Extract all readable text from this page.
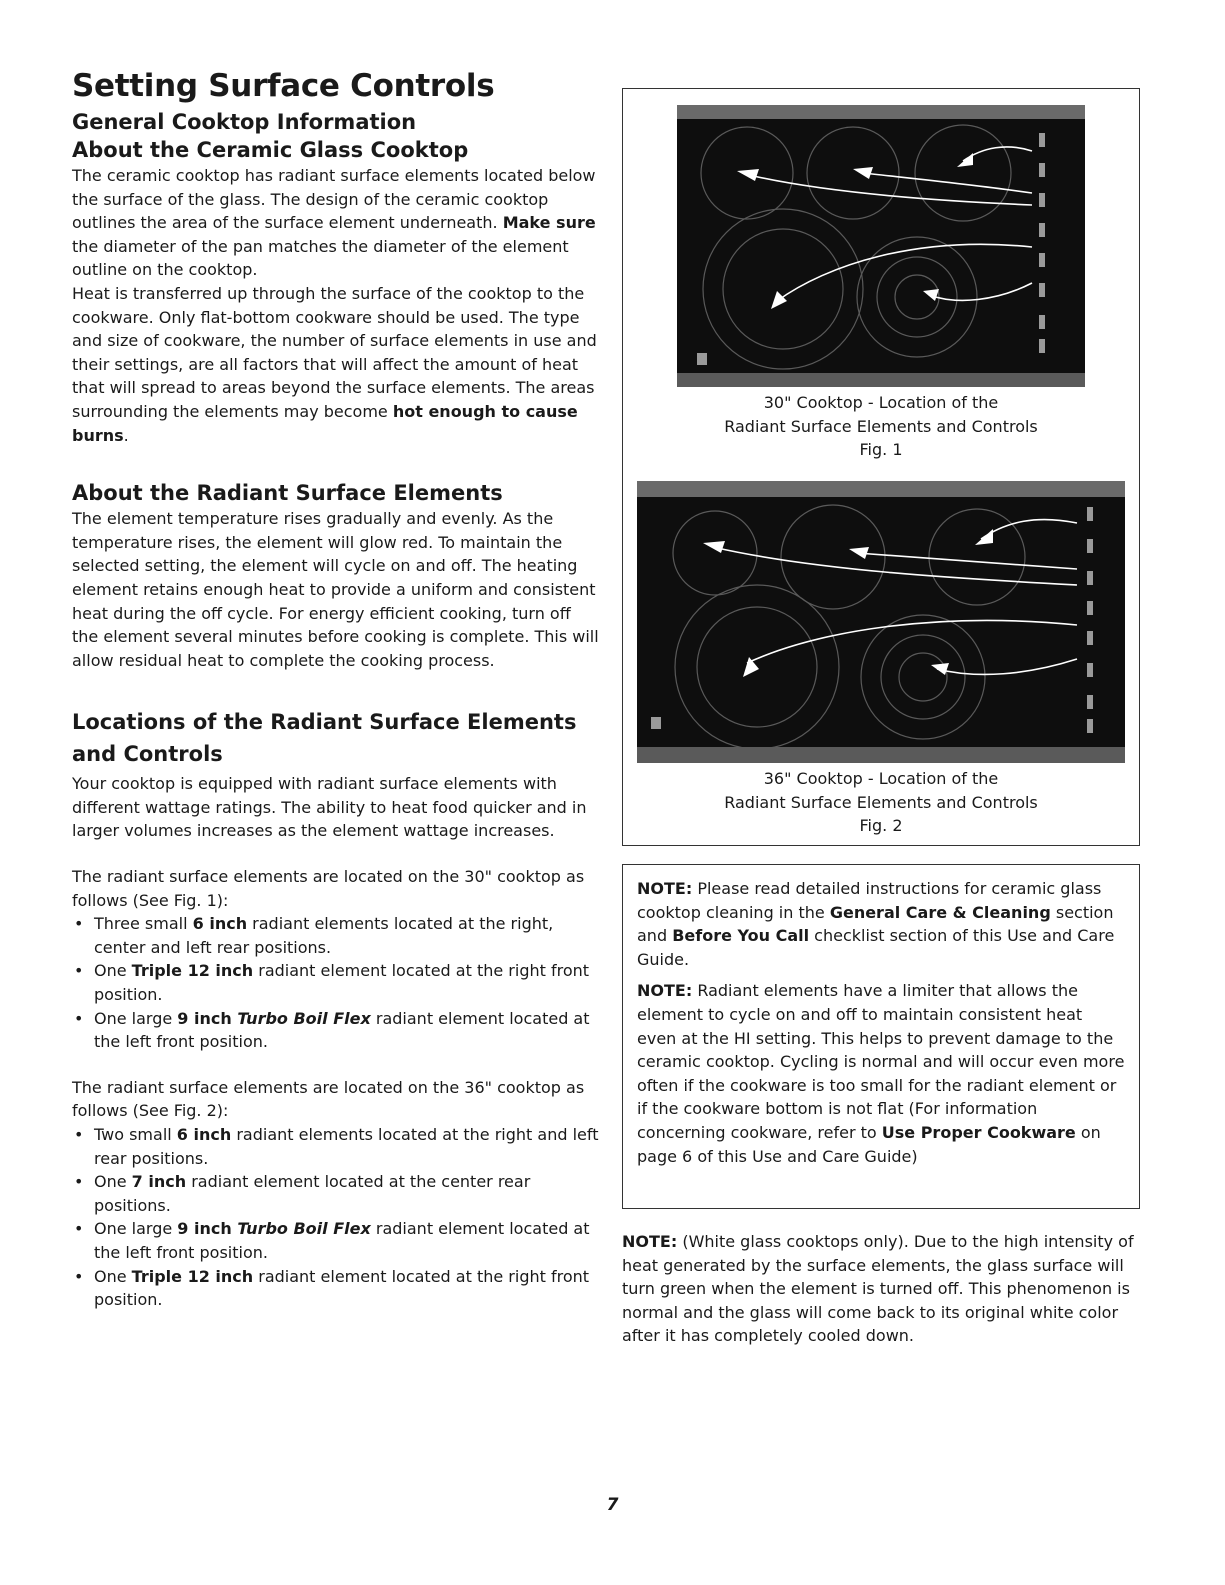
Setting Surface Controls
General Cooktop Information
About the Ceramic Glass Cooktop

The ceramic cooktop has radiant surface elements located below the surface of the glass. The design of the ceramic cooktop outlines the area of the surface element underneath. Make sure the diameter of the pan matches the diameter of the element outline on the cooktop.

Heat is transferred up through the surface of the cooktop to the cookware. Only flat-bottom cookware should be used. The type and size of cookware, the number of surface elements in use and their settings, are all factors that will affect the amount of heat that will spread to areas beyond the surface elements. The areas surrounding the elements may become hot enough to cause burns.

About the Radiant Surface Elements

The element temperature rises gradually and evenly. As the temperature rises, the element will glow red. To maintain the selected setting, the element will cycle on and off. The heating element retains enough heat to provide a uniform and consistent heat during the off cycle. For energy efficient cooking, turn off the element several minutes before cooking is complete. This will allow residual heat to complete the cooking process.

Locations of the Radiant Surface Elements and Controls

Your cooktop is equipped with radiant surface elements with different wattage ratings. The ability to heat food quicker and in larger volumes increases as the element wattage increases.

The radiant surface elements are located on the 30" cooktop as follows (See Fig. 1):

• Three small 6 inch radiant elements located at the right, center and left rear positions.
• One Triple 12 inch radiant element located at the right front position.
• One large 9 inch Turbo Boil Flex radiant element located at the left front position.

The radiant surface elements are located on the 36" cooktop as follows (See Fig. 2):

• Two small 6 inch radiant elements located at the right and left rear positions.
• One 7 inch radiant element located at the center rear positions.
• One large 9 inch Turbo Boil Flex radiant element located at the left front position.
• One Triple 12 inch radiant element located at the right front position.
30" Cooktop - Location of the
Radiant Surface Elements and Controls
Fig. 1
36" Cooktop - Location of the
Radiant Surface Elements and Controls
Fig. 2

NOTE: Please read detailed instructions for ceramic glass cooktop cleaning in the General Care & Cleaning section and Before You Call checklist section of this Use and Care Guide.

NOTE: Radiant elements have a limiter that allows the element to cycle on and off to maintain consistent heat even at the HI setting. This helps to prevent damage to the ceramic cooktop. Cycling is normal and will occur even more often if the cookware is too small for the radiant element or if the cookware bottom is not flat (For information concerning cookware, refer to Use Proper Cookware on page 6 of this Use and Care Guide)

NOTE: (White glass cooktops only). Due to the high intensity of heat generated by the surface elements, the glass surface will turn green when the element is turned off. This phenomenon is normal and the glass will come back to its original white color after it has completely cooled down.

7
